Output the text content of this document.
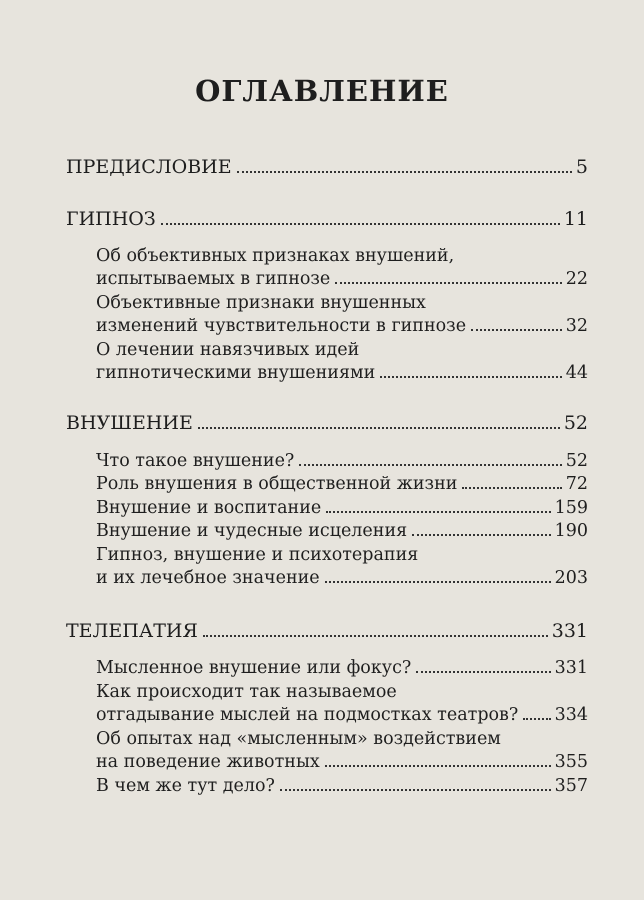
ОГЛАВЛЕНИЕ
ПРЕДИСЛОВИЕ	5
ГИПНОЗ	11
Об объективных признаках внушений,
испытываемых в гипнозе	22
Объективные признаки внушенных
изменений чувствительности в гипнозе	32
О лечении навязчивых идей
гипнотическими внушениями	44
ВНУШЕНИЕ	52
Что такое внушение?	52
Роль внушения в общественной жизни	72
Внушение и воспитание	159
Внушение и чудесные исцеления	190
Гипноз, внушение и психотерапия
и их лечебное значение	203
ТЕЛЕПАТИЯ	331
Мысленное внушение или фокус?	331
Как происходит так называемое
отгадывание мыслей на подмостках театров? 334
Об опытах над «мысленным» воздействием
на поведение животных	355
В чем же тут дело?	357
